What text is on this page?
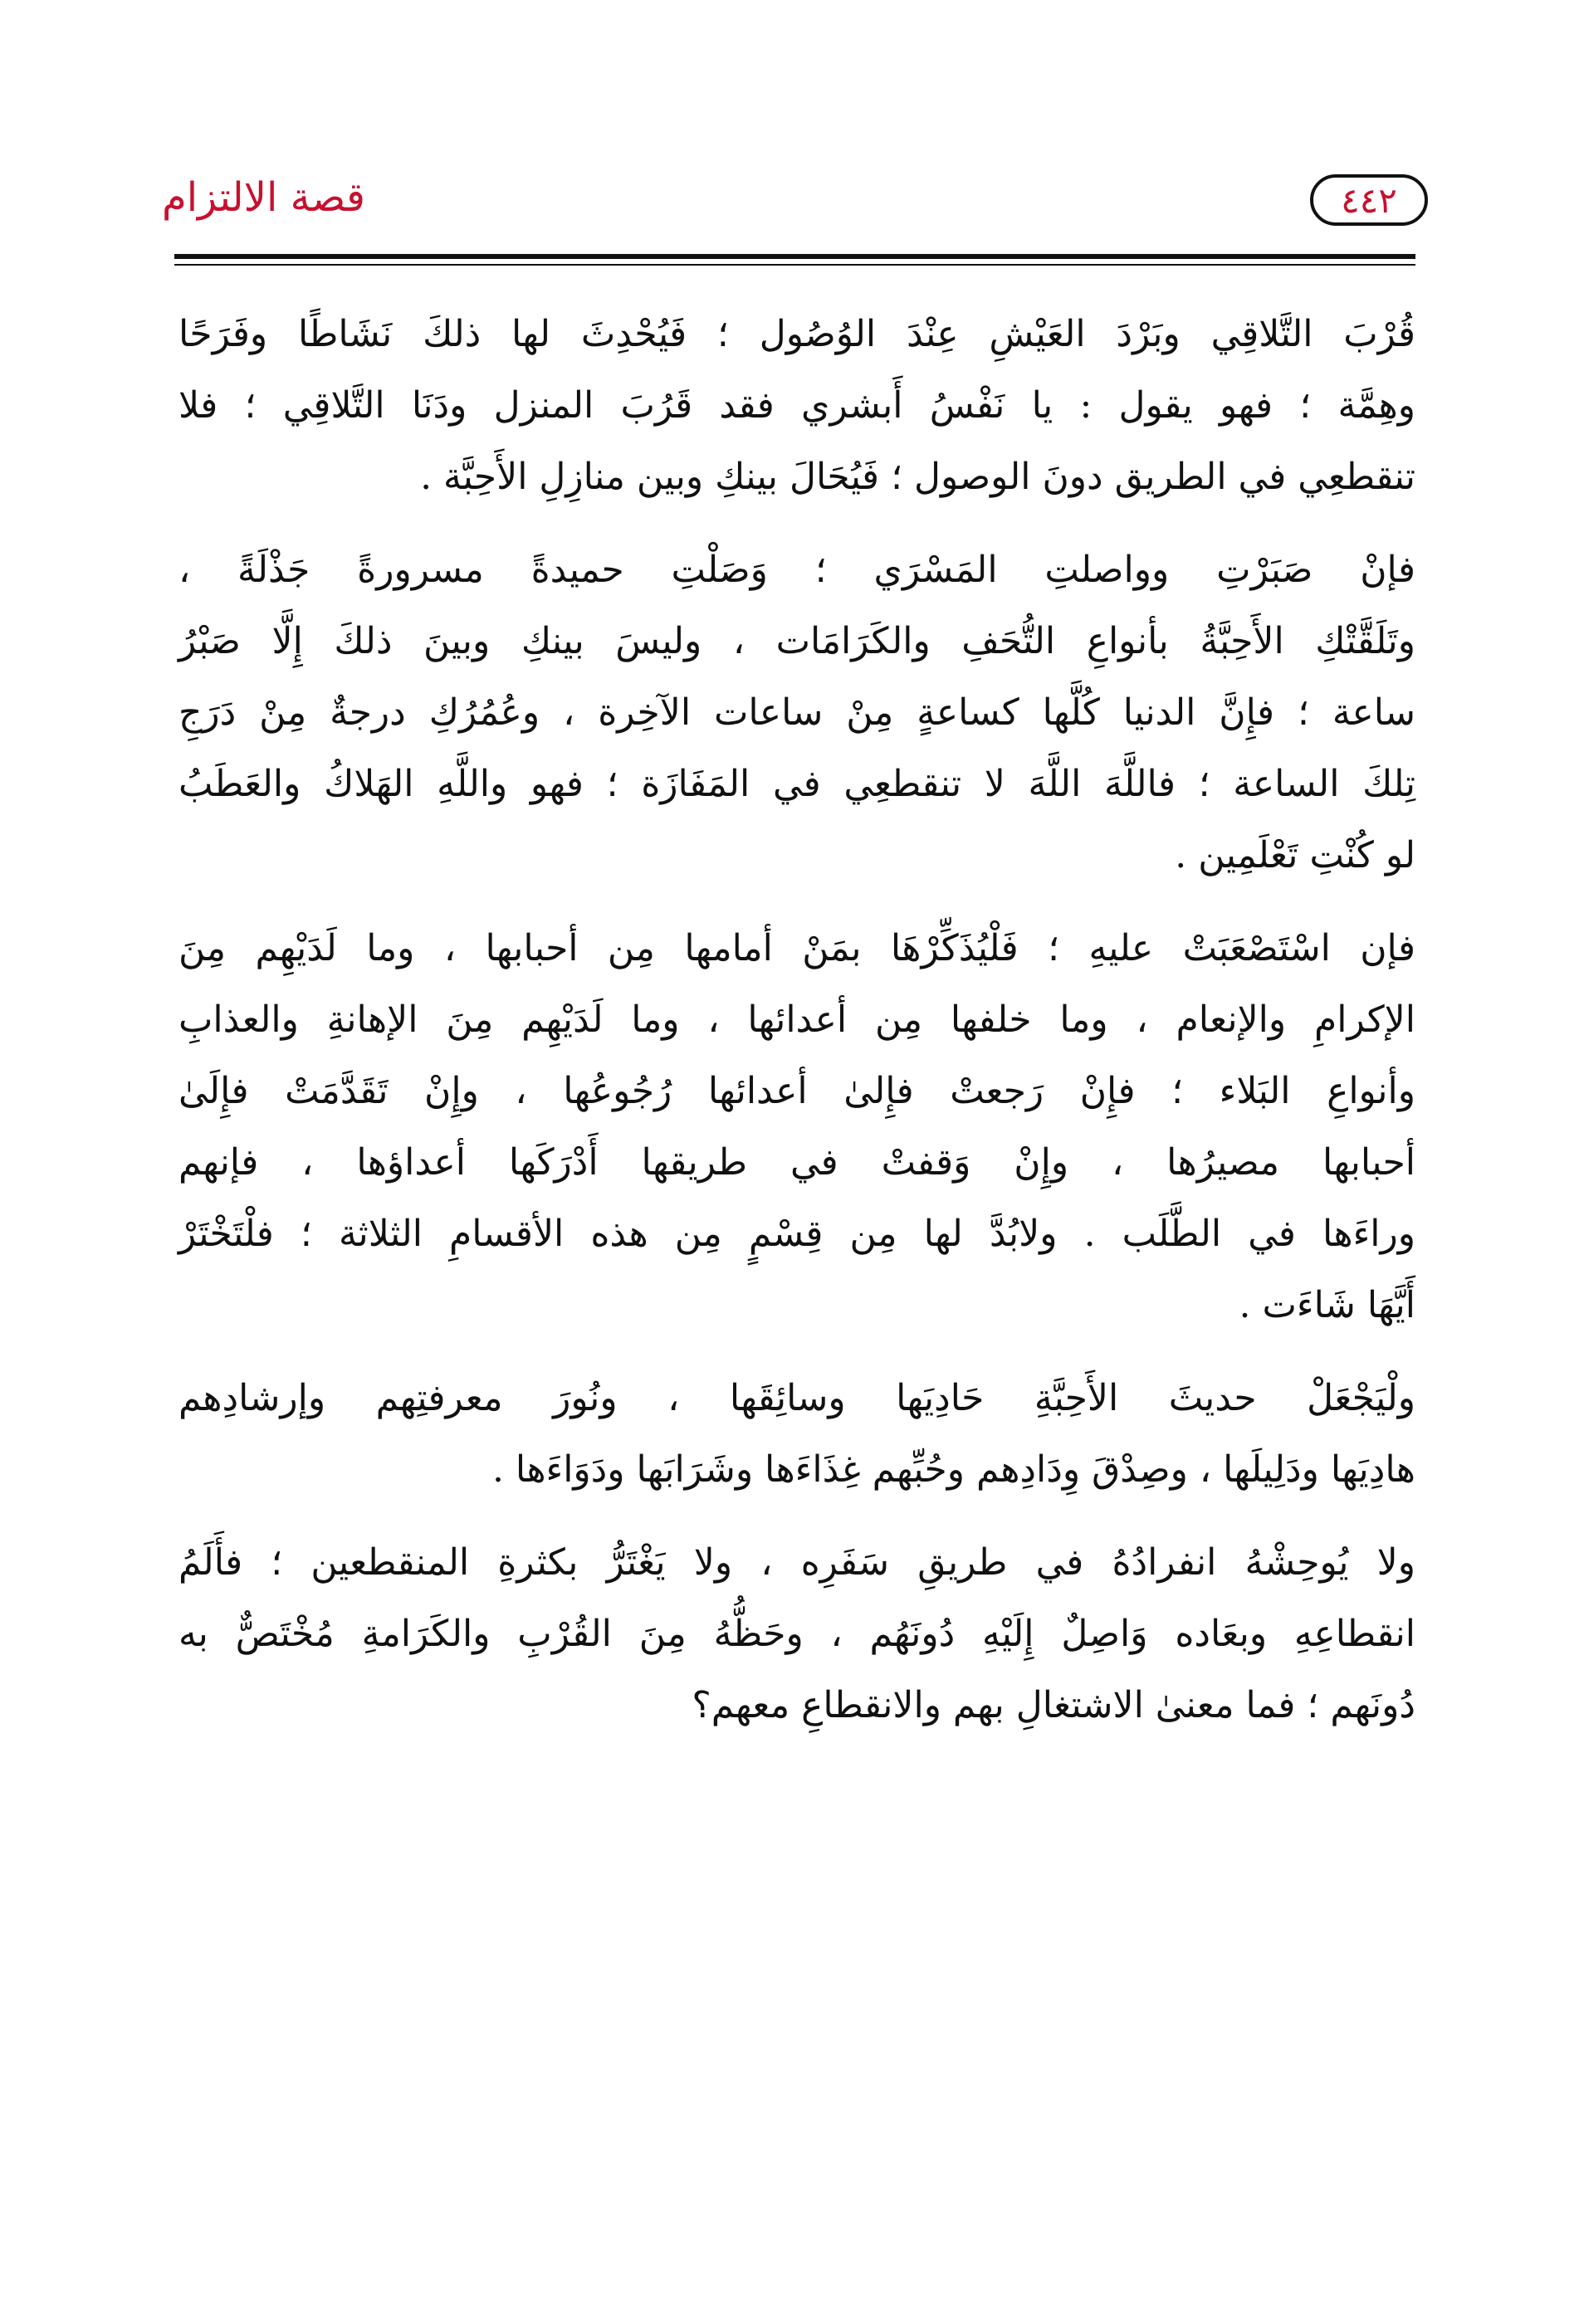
قصة الالتزام	٤٤٢

قُرْبَ التَّلاقِي وبَرْدَ العَيْشِ عِنْدَ الوُصُول ؛ فَيُحْدِثَ لها ذلكَ نَشَاطًا وفَرَحًا
وهِمَّة ؛ فهو يقول : يا نَفْسُ أَبشري فقد قَرُبَ المنزل ودَنَا التَّلاقِي ؛ فلا
تنقطعِي في الطريق دونَ الوصول ؛ فَيُحَالَ بينكِ وبين منازِلِ الأَحِبَّة .

فإنْ صَبَرْتِ وواصلتِ المَسْرَي ؛ وَصَلْتِ حميدةً مسرورةً جَذْلَةً ،
وتَلَقَّتْكِ الأَحِبَّةُ بأنواعِ التُّحَفِ والكَرَامَات ، وليسَ بينكِ وبينَ ذلكَ إِلَّا صَبْرُ
ساعة ؛ فإِنَّ الدنيا كُلَّها كساعةٍ مِنْ ساعات الآخِرة ، وعُمُرُكِ درجةٌ مِنْ دَرَجِ
تِلكَ الساعة ؛ فاللَّهَ اللَّهَ لا تنقطعِي في المَفَازَة ؛ فهو واللَّهِ الهَلاكُ والعَطَبُ
لو كُنْتِ تَعْلَمِين .

فإن اسْتَصْعَبَتْ عليهِ ؛ فَلْيُذَكِّرْهَا بمَنْ أمامها مِن أحبابها ، وما لَدَيْهِم مِنَ
الإكرامِ والإنعام ، وما خلفها مِن أعدائها ، وما لَدَيْهِم مِنَ الإهانةِ والعذابِ
وأنواعِ البَلاء ؛ فإِنْ رَجعتْ فإِلىٰ أعدائها رُجُوعُها ، وإِنْ تَقَدَّمَتْ فإِلَىٰ
أحبابها مصيرُها ، وإِنْ وَقفتْ في طريقها أَدْرَكَها أعداؤها ، فإنهم
وراءَها في الطَّلَب . ولابُدَّ لها مِن قِسْمٍ مِن هذه الأقسامِ الثلاثة ؛ فلْتَخْتَرْ
أَيَّهَا شَاءَت .

ولْيَجْعَلْ حديثَ الأَحِبَّةِ حَادِيَها وسائِقَها ، ونُورَ معرفتِهم وإرشادِهم
هادِيَها ودَلِيلَها ، وصِدْقَ وِدَادِهم وحُبِّهم غِذَاءَها وشَرَابَها ودَوَاءَها .

ولا يُوحِشْهُ انفرادُهُ في طريقِ سَفَرِه ، ولا يَغْتَرُّ بكثرةِ المنقطعين ؛ فأَلَمُ
انقطاعِهِ وبعَاده وَاصِلٌ إِلَيْهِ دُونَهُم ، وحَظُّهُ مِنَ القُرْبِ والكَرَامةِ مُخْتَصٌّ به
دُونَهم ؛ فما معنىٰ الاشتغالِ بهم والانقطاعِ معهم؟
